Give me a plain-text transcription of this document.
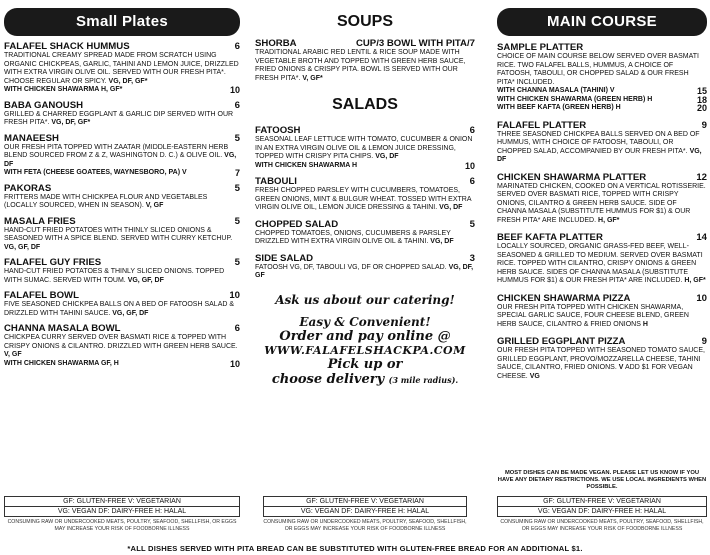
Small Plates
FALAFEL SHACK HUMMUS	6
TRADITIONAL CREAMY SPREAD MADE FROM SCRATCH USING ORGANIC CHICKPEAS, GARLIC, TAHINI AND LEMON JUICE, DRIZZLED WITH EXTRA VIRGIN OLIVE OIL. SERVED WITH OUR FRESH PITA*. CHOOSE REGULAR OR SPICY. VG, DF, GF*
WITH CHICKEN SHAWARMA H, GF*	10
BABA GANOUSH	6
GRILLED & CHARRED EGGPLANT & GARLIC DIP SERVED WITH OUR FRESH PITA*. VG, DF, GF*
MANAEESH	5
OUR FRESH PITA TOPPED WITH ZAATAR (MIDDLE-EASTERN HERB BLEND SOURCED FROM Z & Z, WASHINGTON D. C.) & OLIVE OIL. VG, DF
WITH FETA (CHEESE GOATEES, WAYNESBORO, PA) V	7
PAKORAS	5
FRITTERS MADE WITH CHICKPEA FLOUR AND VEGETABLES (LOCALLY SOURCED, WHEN IN SEASON). V, GF
MASALA FRIES	5
HAND-CUT FRIED POTATOES WITH THINLY SLICED ONIONS & SEASONED WITH A SPICE BLEND. SERVED WITH CURRY KETCHUP. VG, GF, DF
FALAFEL GUY FRIES	5
HAND-CUT FRIED POTATOES & THINLY SLICED ONIONS. TOPPED WITH SUMAC. SERVED WITH TOUM. VG, GF, DF
FALAFEL BOWL	10
FIVE SEASONED CHICKPEA BALLS ON A BED OF FATOOSH SALAD & DRIZZLED WITH TAHINI SAUCE. VG, GF, DF
CHANNA MASALA BOWL	6
CHICKPEA CURRY SERVED OVER BASMATI RICE & TOPPED WITH CRISPY ONIONS & CILANTRO. DRIZZLED WITH GREEN HERB SAUCE. V, GF
WITH CHICKEN SHAWARMA GF, H	10
GF: GLUTEN-FREE V: VEGETARIAN
VG: VEGAN DF: DAIRY-FREE H: HALAL
CONSUMING RAW OR UNDERCOOKED MEATS, POULTRY, SEAFOOD, SHELLFISH, OR EGGS MAY INCREASE YOUR RISK OF FOODBORNE ILLNESS
SOUPS
SHORBA	CUP/3 BOWL WITH PITA/7
TRADITIONAL ARABIC RED LENTIL & RICE SOUP MADE WITH VEGETABLE BROTH AND TOPPED WITH GREEN HERB SAUCE, FRIED ONIONS & CRISPY PITA. BOWL IS SERVED WITH OUR FRESH PITA*. V, GF*
SALADS
FATOOSH	6
SEASONAL LEAF LETTUCE WITH TOMATO, CUCUMBER & ONION IN AN EXTRA VIRGIN OLIVE OIL & LEMON JUICE DRESSING, TOPPED WITH CRISPY PITA CHIPS. VG, DF
WITH CHICKEN SHAWARMA H	10
TABOULI	6
FRESH CHOPPED PARSLEY WITH CUCUMBERS, TOMATOES, GREEN ONIONS, MINT & BULGUR WHEAT. TOSSED WITH EXTRA VIRGIN OLIVE OIL, LEMON JUICE DRESSING & TAHINI. VG, DF
CHOPPED SALAD	5
CHOPPED TOMATOES, ONIONS, CUCUMBERS & PARSLEY DRIZZLED WITH EXTRA VIRGIN OLIVE OIL & TAHINI. VG, DF
SIDE SALAD	3
FATOOSH VG, DF, TABOULI VG, DF OR CHOPPED SALAD. VG, DF, GF
Ask us about our catering!
Easy & Convenient!
Order and pay online @
WWW.FALAFELSHACKPA.COM
Pick up or
choose delivery (3 mile radius).
GF: GLUTEN-FREE V: VEGETARIAN
VG: VEGAN DF: DAIRY-FREE H: HALAL
CONSUMING RAW OR UNDERCOOKED MEATS, POULTRY, SEAFOOD, SHELLFISH, OR EGGS MAY INCREASE YOUR RISK OF FOODBORNE ILLNESS
MAIN COURSE
SAMPLE PLATTER
CHOICE OF MAIN COURSE BELOW SERVED OVER BASMATI RICE. TWO FALAFEL BALLS, HUMMUS, A CHOICE OF FATOOSH, TABOULI, OR CHOPPED SALAD & OUR FRESH PITA* INCLUDED.
WITH CHANNA MASALA (TAHINI) V	15
WITH CHICKEN SHAWARMA (GREEN HERB) H	18
WITH BEEF KAFTA (GREEN HERB) H	20
FALAFEL PLATTER	9
THREE SEASONED CHICKPEA BALLS SERVED ON A BED OF HUMMUS, WITH CHOICE OF FATOOSH, TABOULI, OR CHOPPED SALAD, ACCOMPANIED BY OUR FRESH PITA*. VG, DF
CHICKEN SHAWARMA PLATTER	12
MARINATED CHICKEN, COOKED ON A VERTICAL ROTISSERIE. SERVED OVER BASMATI RICE, TOPPED WITH CRISPY ONIONS, CILANTRO & GREEN HERB SAUCE. SIDE OF CHANNA MASALA (SUBSTITUTE HUMMUS FOR $1) & OUR FRESH PITA* ARE INCLUDED. H, GF*
BEEF KAFTA PLATTER	14
LOCALLY SOURCED, ORGANIC GRASS-FED BEEF, WELL-SEASONED & GRILLED TO MEDIUM. SERVED OVER BASMATI RICE. TOPPED WITH CILANTRO, CRISPY ONIONS & GREEN HERB SAUCE. SIDES OF CHANNA MASALA (SUBSTITUTE HUMMUS FOR $1) & OUR FRESH PITA* ARE INCLUDED. H, GF*
CHICKEN SHAWARMA PIZZA	10
OUR FRESH PITA TOPPED WITH CHICKEN SHAWARMA, SPECIAL GARLIC SAUCE, FOUR CHEESE BLEND, GREEN HERB SAUCE, CILANTRO & FRIED ONIONS H
GRILLED EGGPLANT PIZZA	9
OUR FRESH PITA TOPPED WITH SEASONED TOMATO SAUCE, GRILLED EGGPLANT, PROVO/MOZZARELLA CHEESE, TAHINI SAUCE, CILANTRO, FRIED ONIONS. V ADD $1 FOR VEGAN CHEESE. VG
MOST DISHES CAN BE MADE VEGAN. PLEASE LET US KNOW IF YOU HAVE ANY DIETARY RESTRICTIONS. WE USE LOCAL INGREDIENTS WHEN POSSIBLE.
GF: GLUTEN-FREE V: VEGETARIAN
VG: VEGAN DF: DAIRY-FREE H: HALAL
CONSUMING RAW OR UNDERCOOKED MEATS, POULTRY, SEAFOOD, SHELLFISH, OR EGGS MAY INCREASE YOUR RISK OF FOODBORNE ILLNESS
*ALL DISHES SERVED WITH PITA BREAD CAN BE SUBSTITUTED WITH GLUTEN-FREE BREAD FOR AN ADDITIONAL $1.
